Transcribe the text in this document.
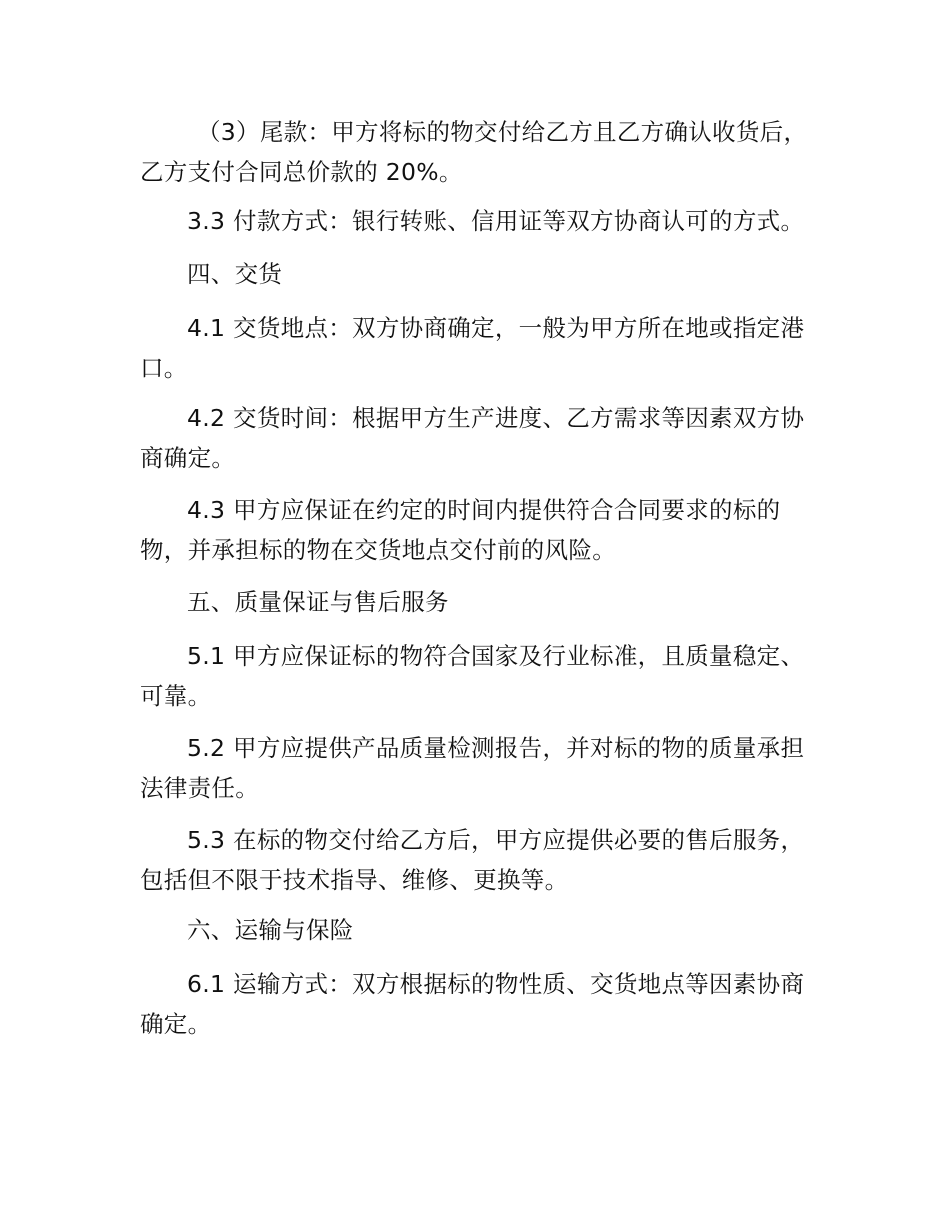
（3）尾款：甲方将标的物交付给乙方且乙方确认收货后，乙方支付合同总价款的 20%。

3.3 付款方式：银行转账、信用证等双方协商认可的方式。

四、交货

4.1 交货地点：双方协商确定，一般为甲方所在地或指定港口。

4.2 交货时间：根据甲方生产进度、乙方需求等因素双方协商确定。

4.3 甲方应保证在约定的时间内提供符合合同要求的标的物，并承担标的物在交货地点交付前的风险。

五、质量保证与售后服务

5.1 甲方应保证标的物符合国家及行业标准，且质量稳定、可靠。

5.2 甲方应提供产品质量检测报告，并对标的物的质量承担法律责任。

5.3 在标的物交付给乙方后，甲方应提供必要的售后服务，包括但不限于技术指导、维修、更换等。

六、运输与保险

6.1 运输方式：双方根据标的物性质、交货地点等因素协商确定。
